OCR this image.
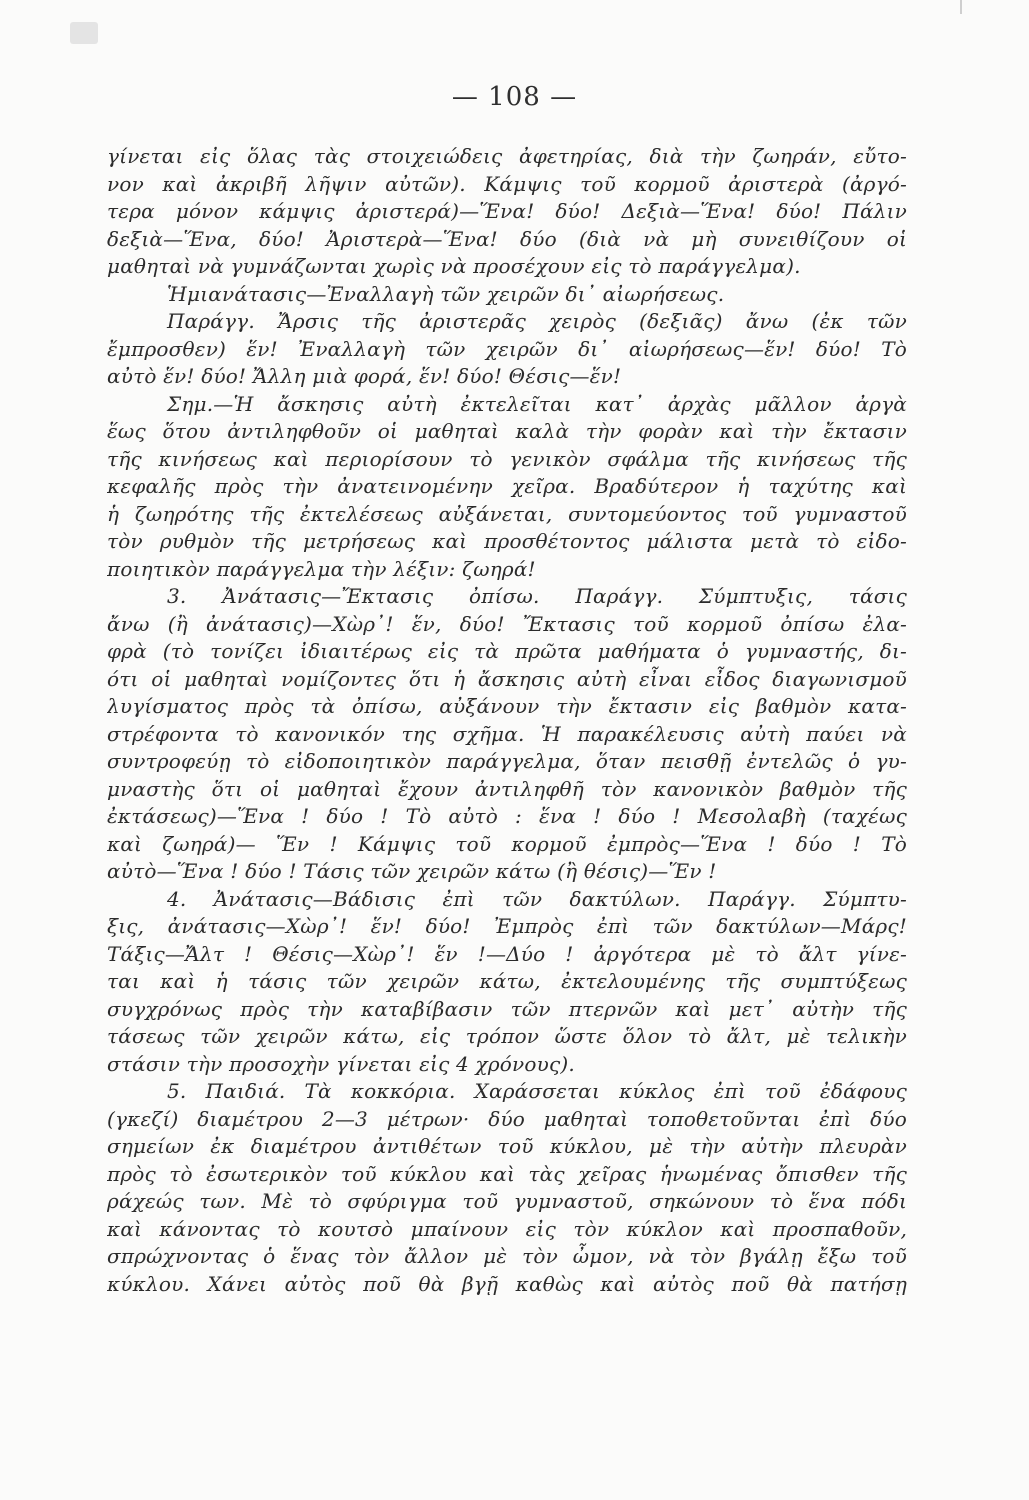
— 108 —
γίνεται εἰς ὅλας τὰς στοιχειώδεις ἀφετηρίας, διὰ τὴν ζωηράν, εὔτο-
νον καὶ ἀκριβῆ λῆψιν αὐτῶν). Κάμψις τοῦ κορμοῦ ἀριστερὰ (ἀργό-
τερα μόνον κάμψις ἀριστερά)—Ἕνα! δύο! Δεξιὰ—Ἕνα! δύο! Πάλιν
δεξιὰ—Ἕνα, δύο! Ἀριστερὰ—Ἕνα! δύο (διὰ νὰ μὴ συνειθίζουν οἱ
μαθηταὶ νὰ γυμνάζωνται χωρὶς νὰ προσέχουν εἰς τὸ παράγγελμα).
Ἡμιανάτασις—Ἐναλλαγὴ τῶν χειρῶν δι᾽ αἰωρήσεως.
Παράγγ. Ἄρσις τῆς ἀριστερᾶς χειρὸς (δεξιᾶς) ἄνω (ἐκ τῶν
ἔμπροσθεν) ἕν! Ἐναλλαγὴ τῶν χειρῶν δι᾽ αἰωρήσεως—ἕν! δύο! Τὸ
αὐτὸ ἕν! δύο! Ἄλλη μιὰ φορά, ἕν! δύο! Θέσις—ἕν!
Σημ.—Ἡ ἄσκησις αὐτὴ ἐκτελεῖται κατ᾽ ἀρχὰς μᾶλλον ἀργὰ
ἕως ὅτου ἀντιληφθοῦν οἱ μαθηταὶ καλὰ τὴν φορὰν καὶ τὴν ἔκτασιν
τῆς κινήσεως καὶ περιορίσουν τὸ γενικὸν σφάλμα τῆς κινήσεως τῆς
κεφαλῆς πρὸς τὴν ἀνατεινομένην χεῖρα. Βραδύτερον ἡ ταχύτης καὶ
ἡ ζωηρότης τῆς ἐκτελέσεως αὐξάνεται, συντομεύοντος τοῦ γυμναστοῦ
τὸν ρυθμὸν τῆς μετρήσεως καὶ προσθέτοντος μάλιστα μετὰ τὸ εἰδο-
ποιητικὸν παράγγελμα τὴν λέξιν: ζωηρά!
3. Ἀνάτασις—Ἔκτασις ὀπίσω. Παράγγ. Σύμπτυξις, τάσις
ἄνω (ἢ ἀνάτασις)—Χὼρ᾽! ἕν, δύο! Ἔκτασις τοῦ κορμοῦ ὀπίσω ἐλα-
φρὰ (τὸ τονίζει ἰδιαιτέρως εἰς τὰ πρῶτα μαθήματα ὁ γυμναστής, δι-
ότι οἱ μαθηταὶ νομίζοντες ὅτι ἡ ἄσκησις αὐτὴ εἶναι εἶδος διαγωνισμοῦ
λυγίσματος πρὸς τὰ ὀπίσω, αὐξάνουν τὴν ἔκτασιν εἰς βαθμὸν κατα-
στρέφοντα τὸ κανονικόν της σχῆμα. Ἡ παρακέλευσις αὐτὴ παύει νὰ
συντροφεύῃ τὸ εἰδοποιητικὸν παράγγελμα, ὅταν πεισθῇ ἐντελῶς ὁ γυ-
μναστὴς ὅτι οἱ μαθηταὶ ἔχουν ἀντιληφθῆ τὸν κανονικὸν βαθμὸν τῆς
ἐκτάσεως)—Ἕνα ! δύο ! Τὸ αὐτὸ : ἕνα ! δύο ! Μεσολαβὴ (ταχέως
καὶ ζωηρά)— Ἕν ! Κάμψις τοῦ κορμοῦ ἐμπρὸς—Ἕνα ! δύο ! Τὸ
αὐτὸ—Ἕνα ! δύο ! Τάσις τῶν χειρῶν κάτω (ἢ θέσις)—Ἕν !
4. Ἀνάτασις—Βάδισις ἐπὶ τῶν δακτύλων. Παράγγ. Σύμπτυ-
ξις, ἀνάτασις—Χὼρ᾽! ἕν! δύο! Ἐμπρὸς ἐπὶ τῶν δακτύλων—Μάρς!
Τάξις—Ἄλτ ! Θέσις—Χὼρ᾽! ἕν !—Δύο ! ἀργότερα μὲ τὸ ἄλτ γίνε-
ται καὶ ἡ τάσις τῶν χειρῶν κάτω, ἐκτελουμένης τῆς συμπτύξεως
συγχρόνως πρὸς τὴν καταβίβασιν τῶν πτερνῶν καὶ μετ᾽ αὐτὴν τῆς
τάσεως τῶν χειρῶν κάτω, εἰς τρόπον ὥστε ὅλον τὸ ἄλτ, μὲ τελικὴν
στάσιν τὴν προσοχὴν γίνεται εἰς 4 χρόνους).
5. Παιδιά. Τὰ κοκκόρια. Χαράσσεται κύκλος ἐπὶ τοῦ ἐδάφους
(γκεζί) διαμέτρου 2—3 μέτρων· δύο μαθηταὶ τοποθετοῦνται ἐπὶ δύο
σημείων ἐκ διαμέτρου ἀντιθέτων τοῦ κύκλου, μὲ τὴν αὐτὴν πλευρὰν
πρὸς τὸ ἐσωτερικὸν τοῦ κύκλου καὶ τὰς χεῖρας ἡνωμένας ὄπισθεν τῆς
ράχεώς των. Μὲ τὸ σφύριγμα τοῦ γυμναστοῦ, σηκώνουν τὸ ἕνα πόδι
καὶ κάνοντας τὸ κουτσὸ μπαίνουν εἰς τὸν κύκλον καὶ προσπαθοῦν,
σπρώχνοντας ὁ ἕνας τὸν ἄλλον μὲ τὸν ὦμον, νὰ τὸν βγάλῃ ἔξω τοῦ
κύκλου. Χάνει αὐτὸς ποῦ θὰ βγῇ καθὼς καὶ αὐτὸς ποῦ θὰ πατήσῃ
